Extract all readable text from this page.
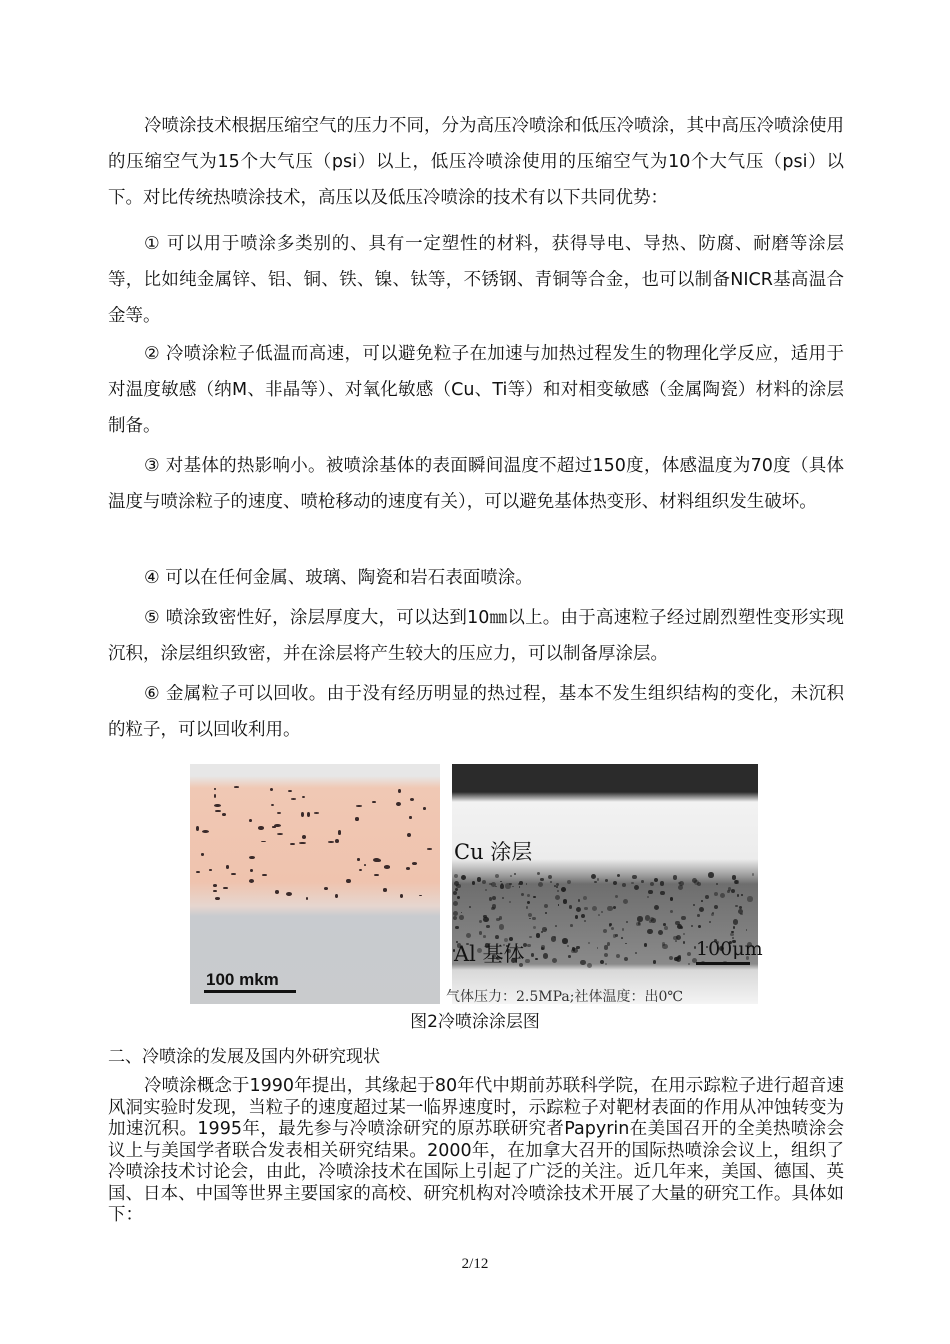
冷喷涂技术根据压缩空气的压力不同，分为高压冷喷涂和低压冷喷涂，其中高压冷喷涂使用的压缩空气为15个大气压（psi）以上，低压冷喷涂使用的压缩空气为10个大气压（psi）以下。对比传统热喷涂技术，高压以及低压冷喷涂的技术有以下共同优势：

① 可以用于喷涂多类别的、具有一定塑性的材料，获得导电、导热、防腐、耐磨等涂层等，比如纯金属锌、铝、铜、铁、镍、钛等，不锈钢、青铜等合金，也可以制备NICR基高温合金等。

② 冷喷涂粒子低温而高速，可以避免粒子在加速与加热过程发生的物理化学反应，适用于对温度敏感（纳M、非晶等）、对氧化敏感（Cu、Ti等）和对相变敏感（金属陶瓷）材料的涂层制备。

③ 对基体的热影响小。被喷涂基体的表面瞬间温度不超过150度，体感温度为70度（具体温度与喷涂粒子的速度、喷枪移动的速度有关），可以避免基体热变形、材料组织发生破坏。

④ 可以在任何金属、玻璃、陶瓷和岩石表面喷涂。

⑤ 喷涂致密性好，涂层厚度大，可以达到10㎜以上。由于高速粒子经过剧烈塑性变形实现沉积，涂层组织致密，并在涂层将产生较大的压应力，可以制备厚涂层。

⑥ 金属粒子可以回收。由于没有经历明显的热过程，基本不发生组织结构的变化，未沉积的粒子，可以回收利用。

100 mkm
Cu 涂层
Al 基体	100μm
气体压力：2.5MPa;社体温度：出0℃
图2冷喷涂涂层图
二、冷喷涂的发展及国内外研究现状

冷喷涂概念于1990年提出，其缘起于80年代中期前苏联科学院，在用示踪粒子进行超音速风洞实验时发现，当粒子的速度超过某一临界速度时，示踪粒子对靶材表面的作用从冲蚀转变为加速沉积。1995年，最先参与冷喷涂研究的原苏联研究者Papyrin在美国召开的全美热喷涂会议上与美国学者联合发表相关研究结果。2000年，在加拿大召开的国际热喷涂会议上，组织了冷喷涂技术讨论会，由此，冷喷涂技术在国际上引起了广泛的关注。近几年来，美国、德国、英国、日本、中国等世界主要国家的高校、研究机构对冷喷涂技术开展了大量的研究工作。具体如下：

2/12
